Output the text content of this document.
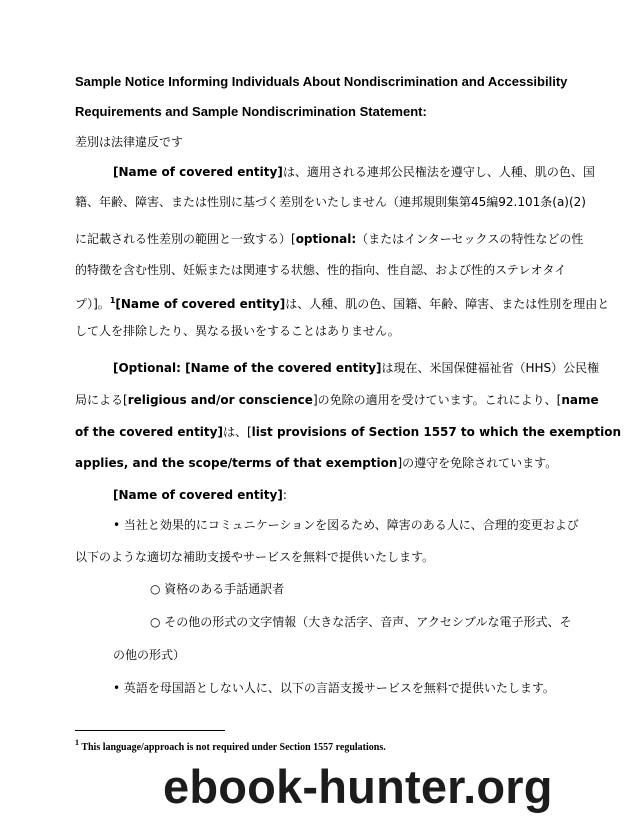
Sample Notice Informing Individuals About Nondiscrimination and Accessibility
Requirements and Sample Nondiscrimination Statement:
差別は法律違反です
[Name of covered entity]は、適用される連邦公民権法を遵守し、人種、肌の色、国
籍、年齢、障害、または性別に基づく差別をいたしません（連邦規則集第45編92.101条(a)(2)
に記載される性差別の範囲と一致する）[optional:（またはインターセックスの特性などの性
的特徴を含む性別、妊娠または関連する状態、性的指向、性自認、および性的ステレオタイ
プ）]。$^1$[Name of covered entity]は、人種、肌の色、国籍、年齢、障害、または性別を理由と
して人を排除したり、異なる扱いをすることはありません。
[Optional: [Name of the covered entity]は現在、米国保健福祉省（HHS）公民権
局による[religious and/or conscience]の免除の適用を受けています。これにより、[name
of the covered entity]は、[list provisions of Section 1557 to which the exemption
applies, and the scope/terms of that exemption]の遵守を免除されています。
[Name of covered entity]:
• 当社と効果的にコミュニケーションを図るため、障害のある人に、合理的変更および
以下のような適切な補助支援やサービスを無料で提供いたします。
○ 資格のある手話通訳者
○ その他の形式の文字情報（大きな活字、音声、アクセシブルな電子形式、そ
の他の形式）
• 英語を母国語としない人に、以下の言語支援サービスを無料で提供いたします。
$^1$ This language/approach is not required under Section 1557 regulations.
ebook-hunter.org
